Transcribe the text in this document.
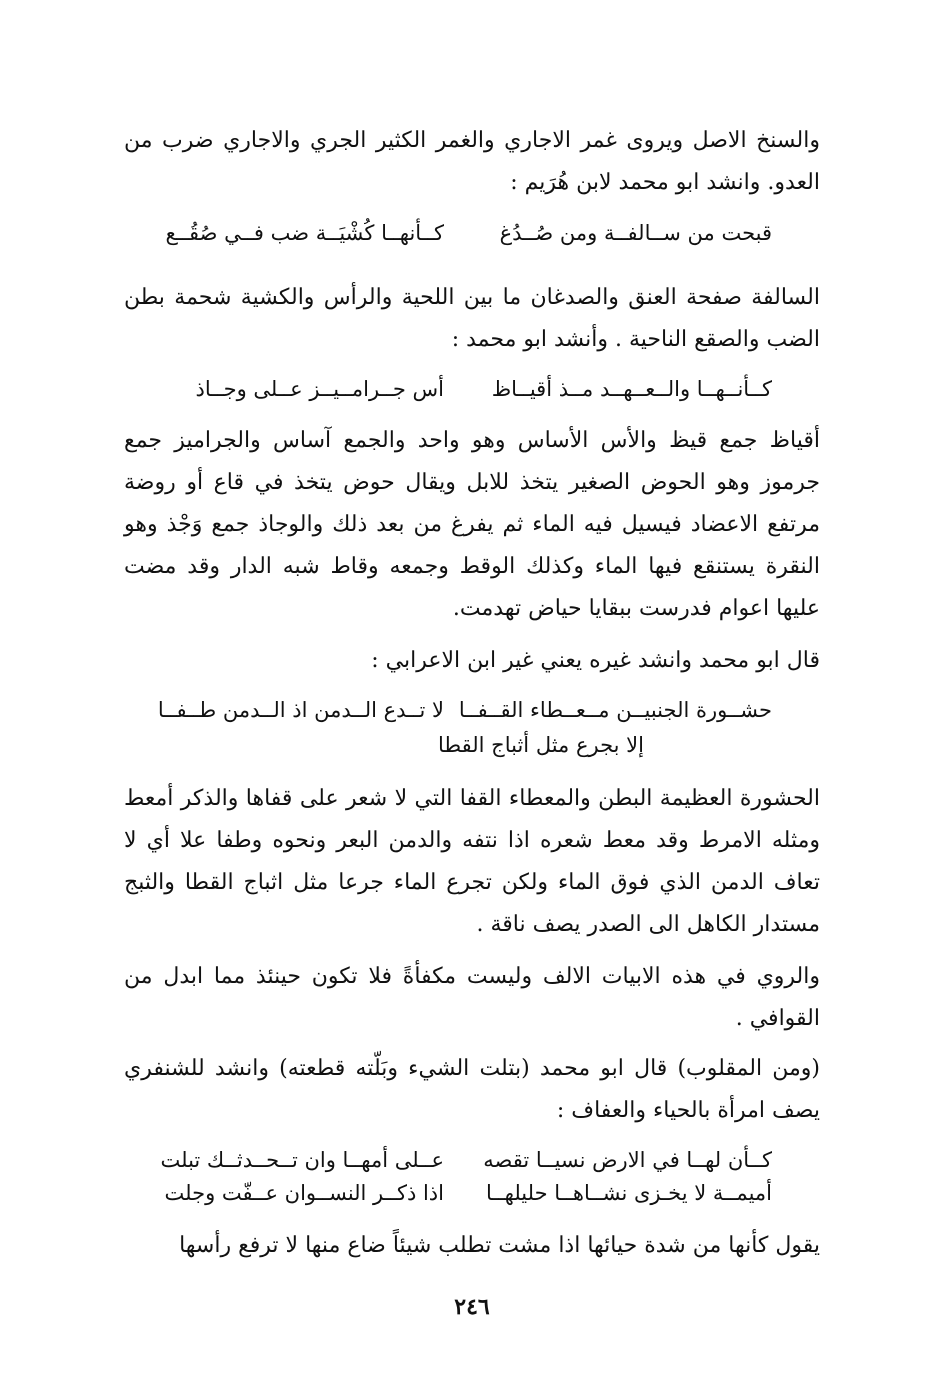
والسنخ الاصل ويروى غمر الاجاري والغمر الكثير الجري والاجاري ضرب من العدو. وانشد ابو محمد لابن هُرَيم :

قبحت من ســالفــة ومن صُــدُغ
كــأنهــا كُشْيَــة ضب فــي صُقُــع

السالفة صفحة العنق والصدغان ما بين اللحية والرأس والكشية شحمة بطن الضب والصقع الناحية . وأنشد ابو محمد :

كــأنــهــا والــعــهــد مــذ أقيــاظ
أس جــرامــيــز عــلى وجــاذ

أقياظ جمع قيظ والأس الأساس وهو واحد والجمع آساس والجراميز جمع جرموز وهو الحوض الصغير يتخذ للابل ويقال حوض يتخذ في قاع أو روضة مرتفع الاعضاد فيسيل فيه الماء ثم يفرغ من بعد ذلك والوجاذ جمع وَجْذ وهو النقرة يستنقع فيها الماء وكذلك الوقط وجمعه وقاط شبه الدار وقد مضت عليها اعوام فدرست ببقايا حياض تهدمت.

قال ابو محمد وانشد غيره يعني غير ابن الاعرابي :

حشــورة الجنبيــن مــعــطاء القــفــا
لا تــدع الــدمن اذ الــدمن طــفــا
إلا بجرع مثل أثباج القطا

الحشورة العظيمة البطن والمعطاء القفا التي لا شعر على قفاها والذكر أمعط ومثله الامرط وقد معط شعره اذا نتفه والدمن البعر ونحوه وطفا علا أي لا تعاف الدمن الذي فوق الماء ولكن تجرع الماء جرعا مثل اثباج القطا والثبج مستدار الكاهل الى الصدر يصف ناقة .

والروي في هذه الابيات الالف وليست مكفأةً فلا تكون حينئذ مما ابدل من القوافي .

(ومن المقلوب) قال ابو محمد (بتلت الشيء وبَلّته قطعته) وانشد للشنفري يصف امرأة بالحياء والعفاف :

كــأن لهــا في الارض نسيــا تقصه
عــلى أمهــا وان تــحــدثــك تبلت
أميمــة لا يخـزى نشــاهــا حليلهــا
اذا ذكــر النســوان عــفّت وجلت

يقول كأنها من شدة حيائها اذا مشت تطلب شيئاً ضاع منها لا ترفع رأسها

٢٤٦
